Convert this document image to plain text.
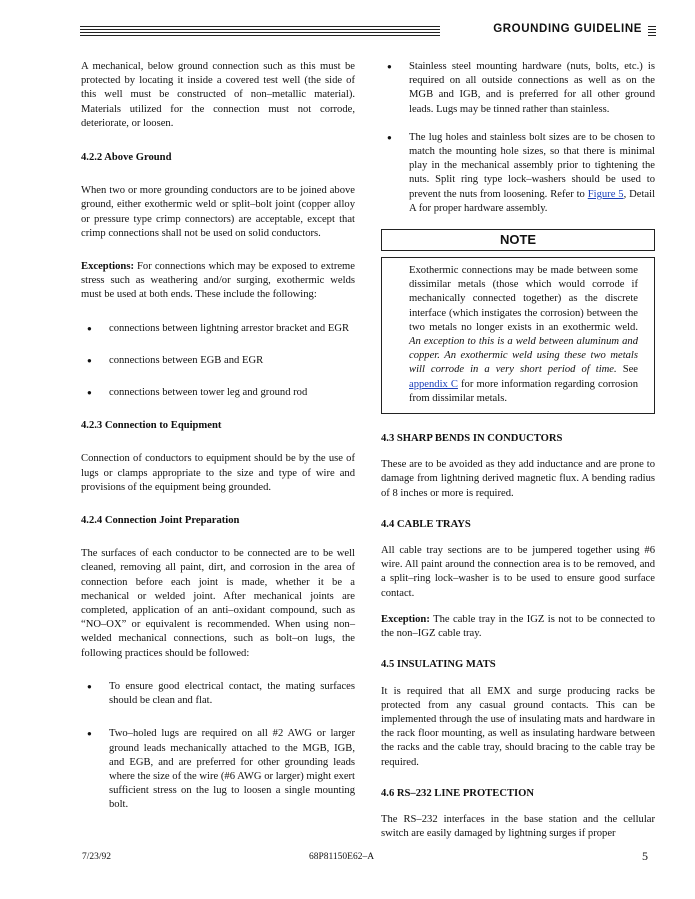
GROUNDING GUIDELINE

A mechanical, below ground connection such as this must be protected by locating it inside a covered test well (the side of this well must be constructed of non–metallic material). Materials utilized for the connection must not corrode, deteriorate, or loosen.

4.2.2 Above Ground

When two or more grounding conductors are to be joined above ground, either exothermic weld or split–bolt joint (copper alloy or pressure type crimp connectors) are acceptable, except that crimp connections shall not be used on solid conductors.

Exceptions: For connections which may be exposed to extreme stress such as weathering and/or surging, exothermic welds must be used at both ends. These include the following:

● connections between lightning arrestor bracket and EGR
● connections between EGB and EGR
● connections between tower leg and ground rod
4.2.3 Connection to Equipment

Connection of conductors to equipment should be by the use of lugs or clamps appropriate to the size and type of wire and provisions of the equipment being grounded.

4.2.4 Connection Joint Preparation

The surfaces of each conductor to be connected are to be well cleaned, removing all paint, dirt, and corrosion in the area of connection before each joint is made, whether it be a mechanical or welded joint. After mechanical joints are completed, application of an anti–oxidant compound, such as “NO–OX” or equivalent is recommended. When using non–welded mechanical connections, such as bolt–on lugs, the following practices should be followed:

● To ensure good electrical contact, the mating surfaces should be clean and flat.
● Two–holed lugs are required on all #2 AWG or larger ground leads mechanically attached to the MGB, IGB, and EGB, and are preferred for other grounding leads where the size of the wire (#6 AWG or larger) might exert sufficient stress on the lug to loosen a single mounting bolt.
● Stainless steel mounting hardware (nuts, bolts, etc.) is required on all outside connections as well as on the MGB and IGB, and is preferred for all other ground leads. Lugs may be tinned rather than stainless.
● The lug holes and stainless bolt sizes are to be chosen to match the mounting hole sizes, so that there is minimal play in the mechanical assembly prior to tightening the nuts. Split ring type lock–washers should be used to prevent the nuts from loosening. Refer to Figure 5, Detail A for proper hardware assembly.
NOTE
Exothermic connections may be made between some dissimilar metals (those which would corrode if mechanically connected together) as the discrete interface (which instigates the corrosion) between the two metals no longer exists in an exothermic weld. An exception to this is a weld between aluminum and copper. An exothermic weld using these two metals will corrode in a very short period of time. See appendix C for more information regarding corrosion from dissimilar metals.
4.3 SHARP BENDS IN CONDUCTORS

These are to be avoided as they add inductance and are prone to damage from lightning derived magnetic flux. A bending radius of 8 inches or more is required.

4.4 CABLE TRAYS

All cable tray sections are to be jumpered together using #6 wire. All paint around the connection area is to be removed, and a split–ring lock–washer is to be used to ensure good surface contact.

Exception: The cable tray in the IGZ is not to be connected to the non–IGZ cable tray.

4.5 INSULATING MATS

It is required that all EMX and surge producing racks be protected from any casual ground contacts. This can be implemented through the use of insulating mats and hardware in the rack floor mounting, as well as insulating hardware between the racks and the cable tray, should bracing to the cable tray be required.

4.6 RS–232 LINE PROTECTION

The RS–232 interfaces in the base station and the cellular switch are easily damaged by lightning surges if proper

7/23/92	68P81150E62–A	5
